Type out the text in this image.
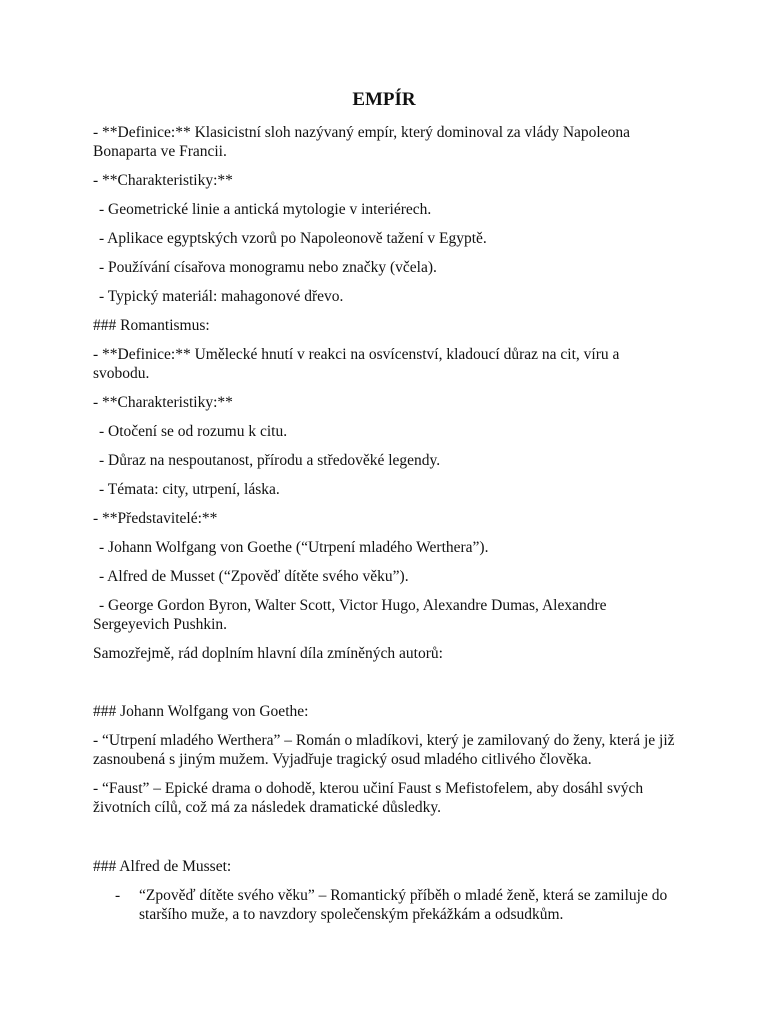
EMPÍR
- **Definice:** Klasicistní sloh nazývaný empír, který dominoval za vlády Napoleona
Bonaparta ve Francii.
- **Charakteristiky:**
- Geometrické linie a antická mytologie v interiérech.
- Aplikace egyptských vzorů po Napoleonově tažení v Egyptě.
- Používání císařova monogramu nebo značky (včela).
- Typický materiál: mahagonové dřevo.
### Romantismus:
- **Definice:** Umělecké hnutí v reakci na osvícenství, kladoucí důraz na cit, víru a
svobodu.
- **Charakteristiky:**
- Otočení se od rozumu k citu.
- Důraz na nespoutanost, přírodu a středověké legendy.
- Témata: city, utrpení, láska.
- **Představitelé:**
- Johann Wolfgang von Goethe (“Utrpení mladého Werthera”).
- Alfred de Musset (“Zpověď dítěte svého věku”).
- George Gordon Byron, Walter Scott, Victor Hugo, Alexandre Dumas, Alexandre
Sergeyevich Pushkin.
Samozřejmě, rád doplním hlavní díla zmíněných autorů:
### Johann Wolfgang von Goethe:
- “Utrpení mladého Werthera” – Román o mladíkovi, který je zamilovaný do ženy, která je již
zasnoubená s jiným mužem. Vyjadřuje tragický osud mladého citlivého člověka.
- “Faust” – Epické drama o dohodě, kterou učiní Faust s Mefistofelem, aby dosáhl svých
životních cílů, což má za následek dramatické důsledky.
### Alfred de Musset:
- “Zpověď dítěte svého věku” – Romantický příběh o mladé ženě, která se zamiluje do
staršího muže, a to navzdory společenským překážkám a odsudkům.
